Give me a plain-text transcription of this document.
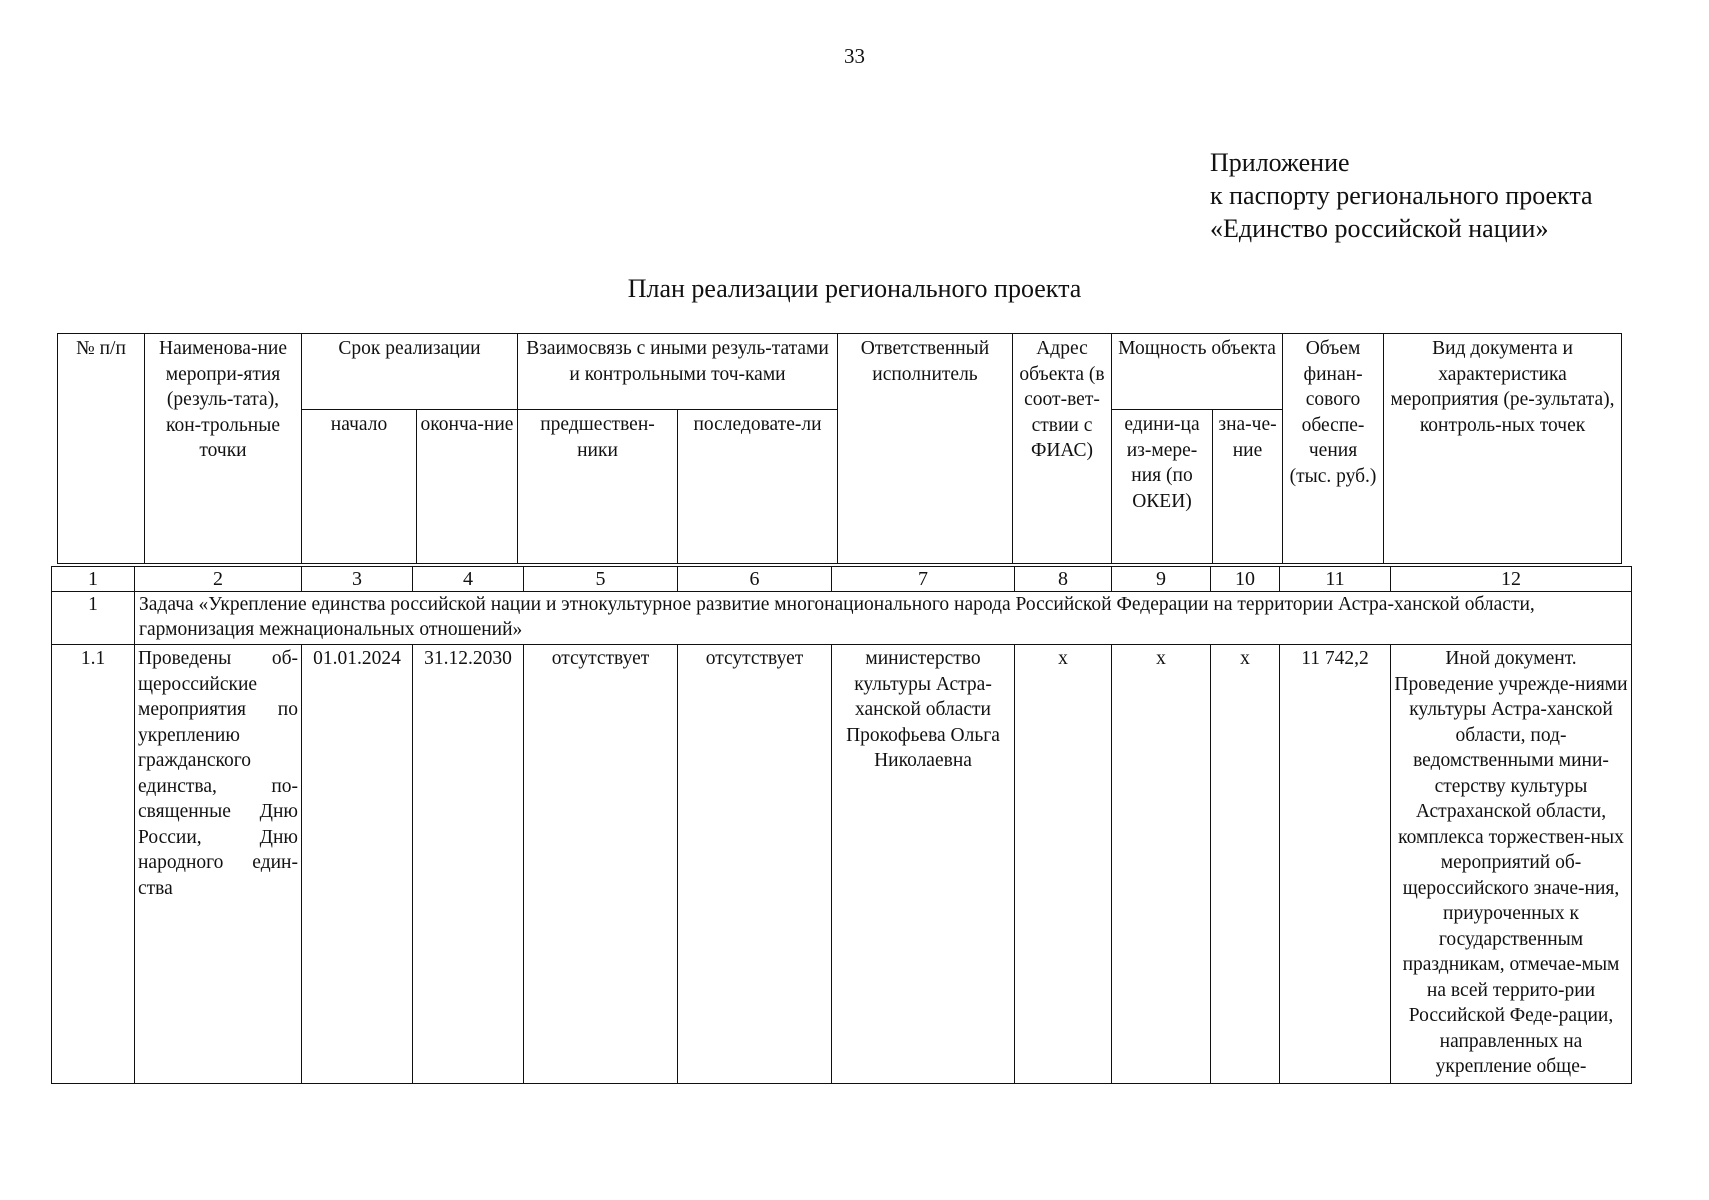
33
Приложение
к паспорту регионального проекта
«Единство российской нации»
План реализации регионального проекта
№ п/п	Наименова-ние меропри-ятия (резуль-тата), кон-трольные точки	Срок реализации		Взаимосвязь с иными резуль-татами и контрольными точ-ками		Ответственный исполнитель	Адрес объекта (в соот-вет-ствии с ФИАС)	Мощность объекта		Объем финан-сового обеспе-чения (тыс. руб.)	Вид документа и характеристика мероприятия (ре-зультата), контроль-ных точек
		начало	оконча-ние	предшествен-ники	последовате-ли			едини-ца из-мере-ния (по ОКЕИ)	зна-че-ние		
1	2	3	4	5	6	7	8	9	10	11	12
1	Задача «Укрепление единства российской нации и этнокультурное развитие многонационального народа Российской Федерации на территории Астра-ханской области, гармонизация межнациональных отношений»										
1.1	Проведены об-щероссийские мероприятия по укреплению гражданского единства, по-священные Дню России, Дню народного един-ства	01.01.2024	31.12.2030	отсутствует	отсутствует	министерство культуры Астра-ханской области Прокофьева Ольга Николаевна	х	х	х	11 742,2	Иной документ.
Проведение учрежде-ниями культуры Астра-ханской области, под-ведомственными мини-стерству культуры Астраханской области, комплекса торжествен-ных мероприятий об-щероссийского значе-ния, приуроченных к государственным праздникам, отмечае-мым на всей террито-рии Российской Феде-рации, направленных на укрепление обще-
